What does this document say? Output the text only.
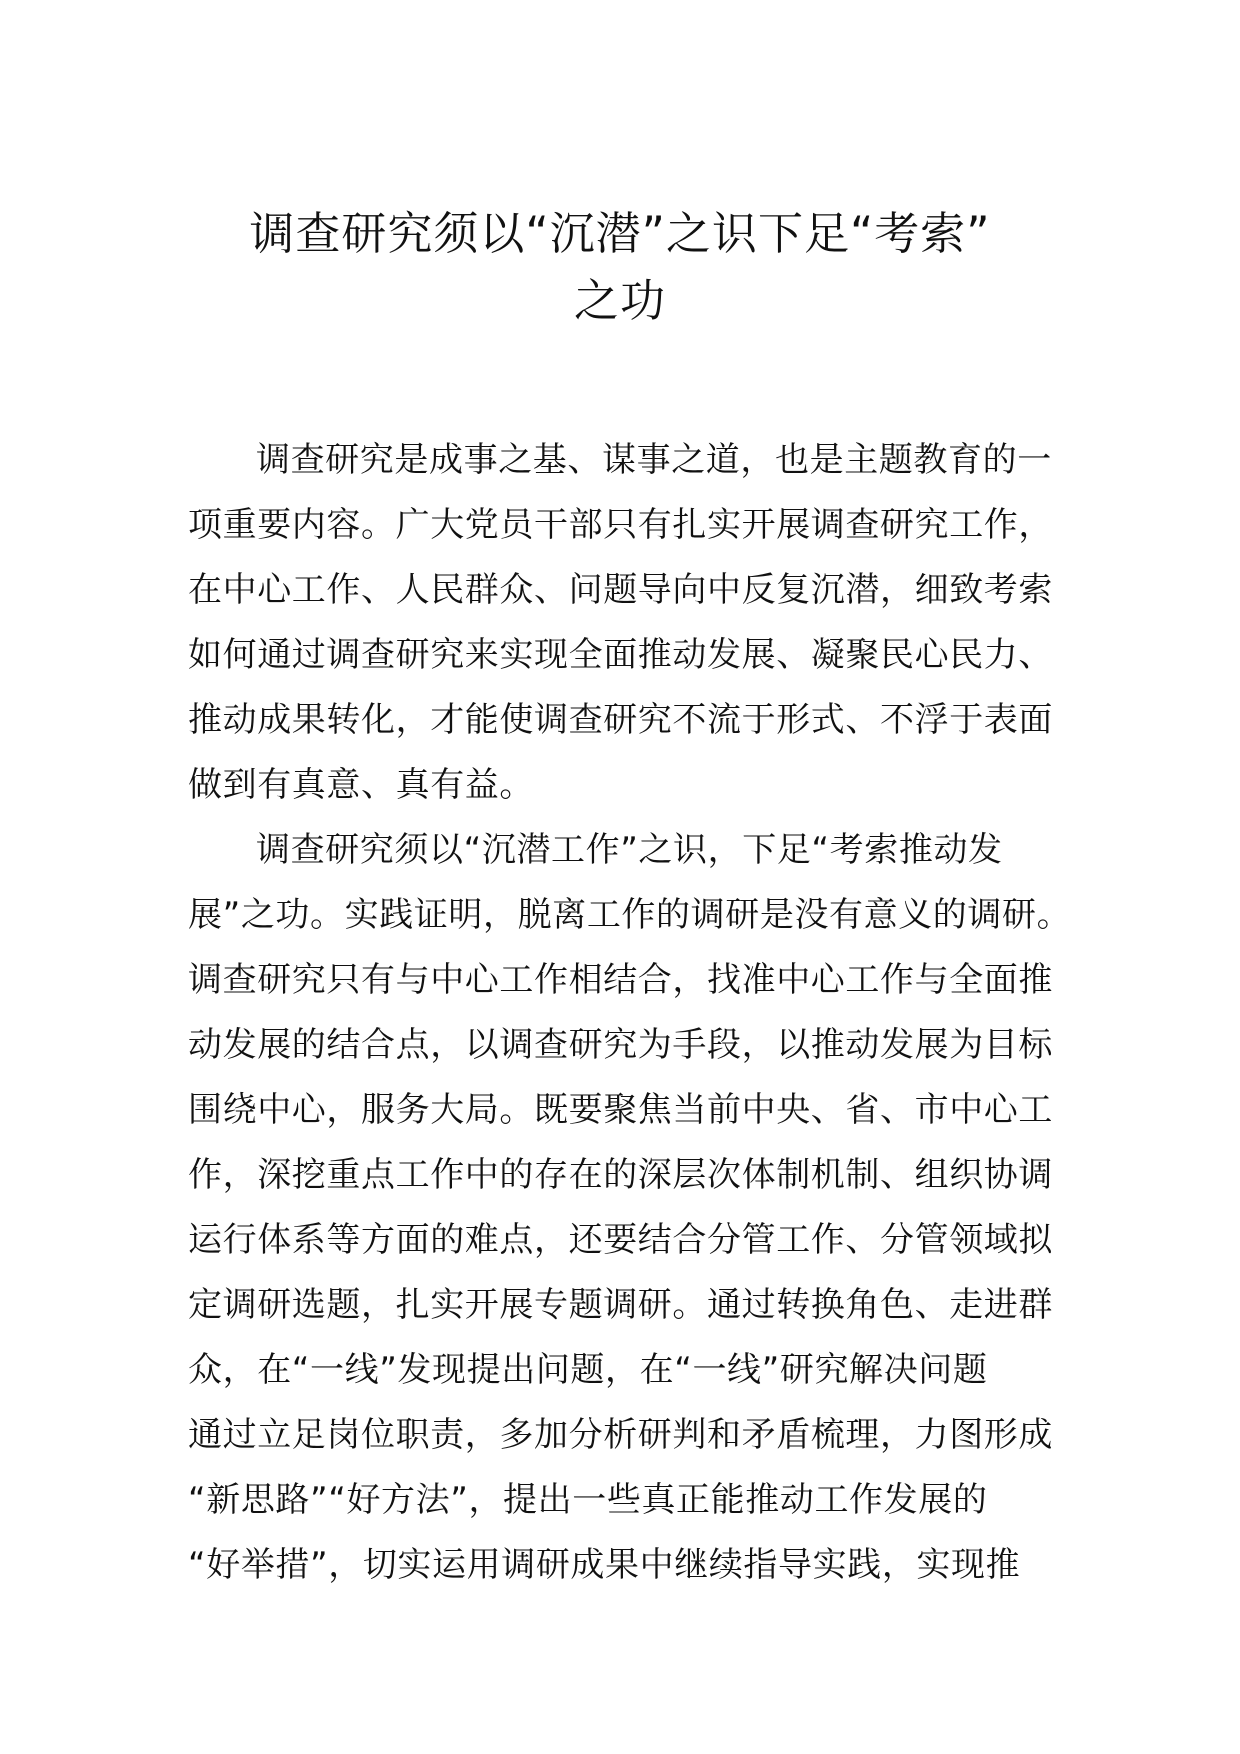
调查研究须以“沉潜”之识下足“考索”
之功
调查研究是成事之基、谋事之道，也是主题教育的一
项重要内容。广大党员干部只有扎实开展调查研究工作，
在中心工作、人民群众、问题导向中反复沉潜，细致考索
如何通过调查研究来实现全面推动发展、凝聚民心民力、
推动成果转化，才能使调查研究不流于形式、不浮于表面
做到有真意、真有益。
调查研究须以“沉潜工作”之识，下足“考索推动发
展”之功。实践证明，脱离工作的调研是没有意义的调研。
调查研究只有与中心工作相结合，找准中心工作与全面推
动发展的结合点，以调查研究为手段，以推动发展为目标
围绕中心，服务大局。既要聚焦当前中央、省、市中心工
作，深挖重点工作中的存在的深层次体制机制、组织协调
运行体系等方面的难点，还要结合分管工作、分管领域拟
定调研选题，扎实开展专题调研。通过转换角色、走进群
众，在“一线”发现提出问题，在“一线”研究解决问题
通过立足岗位职责，多加分析研判和矛盾梳理，力图形成
“新思路”“好方法”，提出一些真正能推动工作发展的
“好举措”，切实运用调研成果中继续指导实践，实现推
